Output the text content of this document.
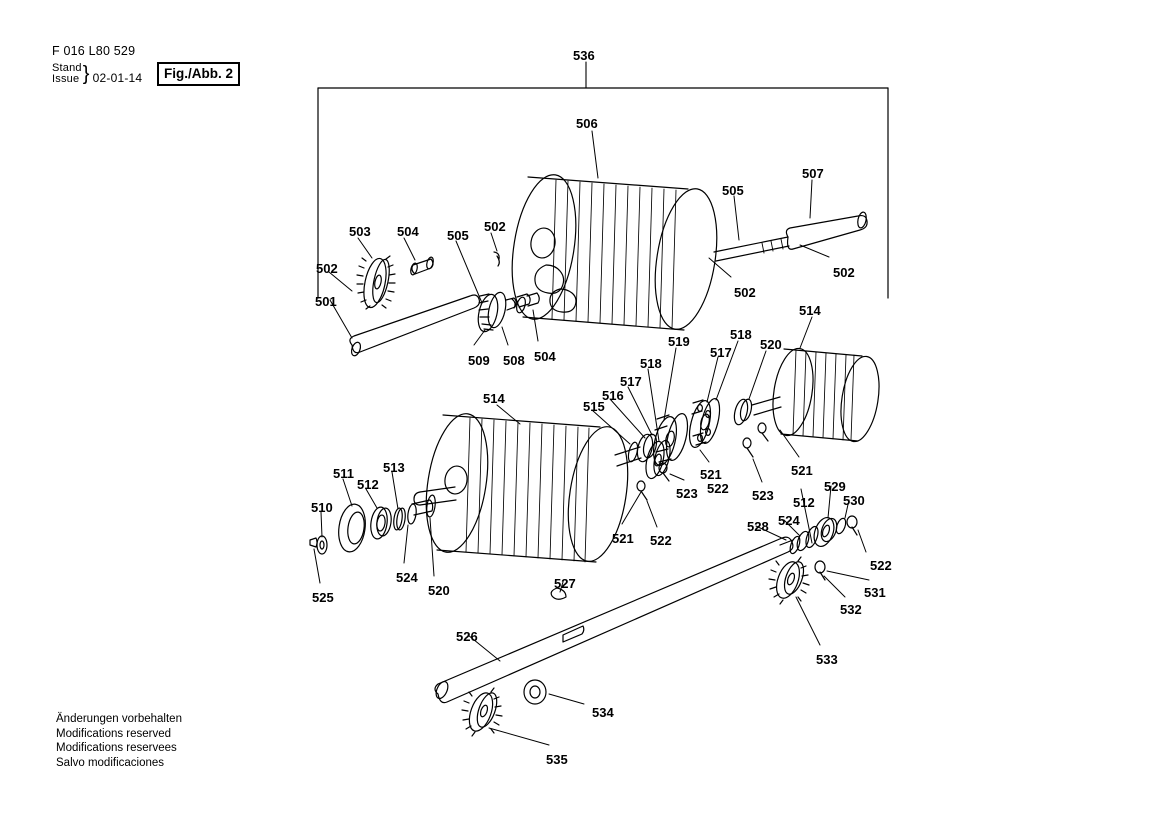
F 016 L80 529
Stand
Issue } 02-01-14	Fig./Abb. 2
Änderungen vorbehalten
Modifications reserved
Modifications reservees
Salvo modificaciones
536
506
507
505
502
502
503 504 505
502
502
501
509 508 504
514
519	518
520
517
518
517
516
515
514
521
522
523 512
529
530
524
528
531
532
533
521
522
523
521 522
511
512
513
510
525
524
520	527
526
534
535
